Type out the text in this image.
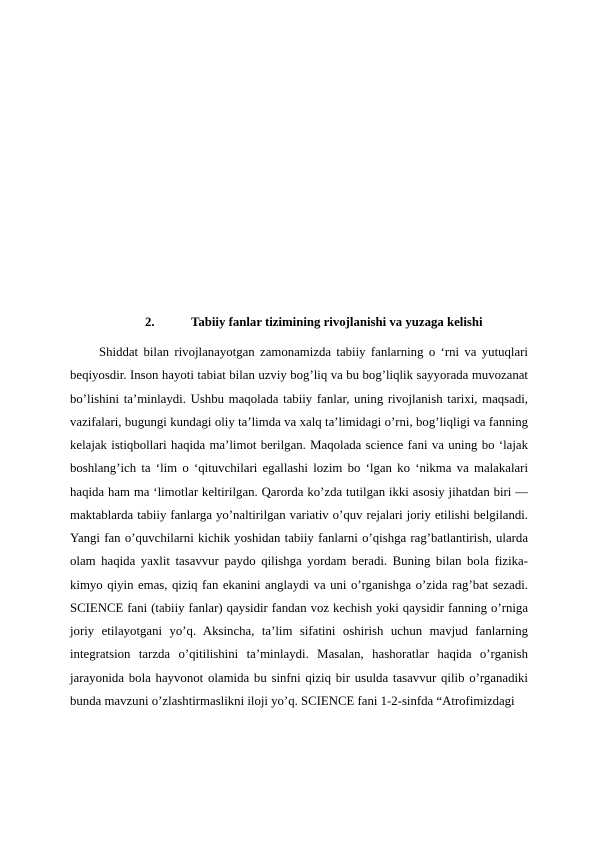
2.	Tabiiy fanlar tizimining rivojlanishi va yuzaga kelishi

Shiddat bilan rivojlanayotgan zamonamizda tabiiy fanlarning o ‘rni va yutuqlari beqiyosdir. Inson hayoti tabiat bilan uzviy bog’liq va bu bog’liqlik sayyorada muvozanat bo’lishini ta’minlaydi. Ushbu maqolada tabiiy fanlar, uning rivojlanish tarixi, maqsadi, vazifalari, bugungi kundagi oliy ta’limda va xalq ta’limidagi o’rni, bog’liqligi va fanning kelajak istiqbollari haqida ma’limot berilgan. Maqolada science fani va uning bo ‘lajak boshlang’ich ta ‘lim o ‘qituvchilari egallashi lozim bo ‘lgan ko ‘nikma va malakalari haqida ham ma ‘limotlar keltirilgan. Qarorda ko’zda tutilgan ikki asosiy jihatdan biri — maktablarda tabiiy fanlarga yo’naltirilgan variativ o’quv rejalari joriy etilishi belgilandi. Yangi fan o’quvchilarni kichik yoshidan tabiiy fanlarni o’qishga rag’batlantirish, ularda olam haqida yaxlit tasavvur paydo qilishga yordam beradi. Buning bilan bola fizika-kimyo qiyin emas, qiziq fan ekanini anglaydi va uni o’rganishga o’zida rag’bat sezadi. SCIENCE fani (tabiiy fanlar) qaysidir fandan voz kechish yoki qaysidir fanning o’rniga joriy etilayotgani yo’q. Aksincha, ta’lim sifatini oshirish uchun mavjud fanlarning integratsion tarzda o’qitilishini ta’minlaydi. Masalan, hashoratlar haqida o’rganish jarayonida bola hayvonot olamida bu sinfni qiziq bir usulda tasavvur qilib o’rganadiki bunda mavzuni o’zlashtirmaslikni iloji yo’q. SCIENCE fani 1-2-sinfda “Atrofimizdagi
